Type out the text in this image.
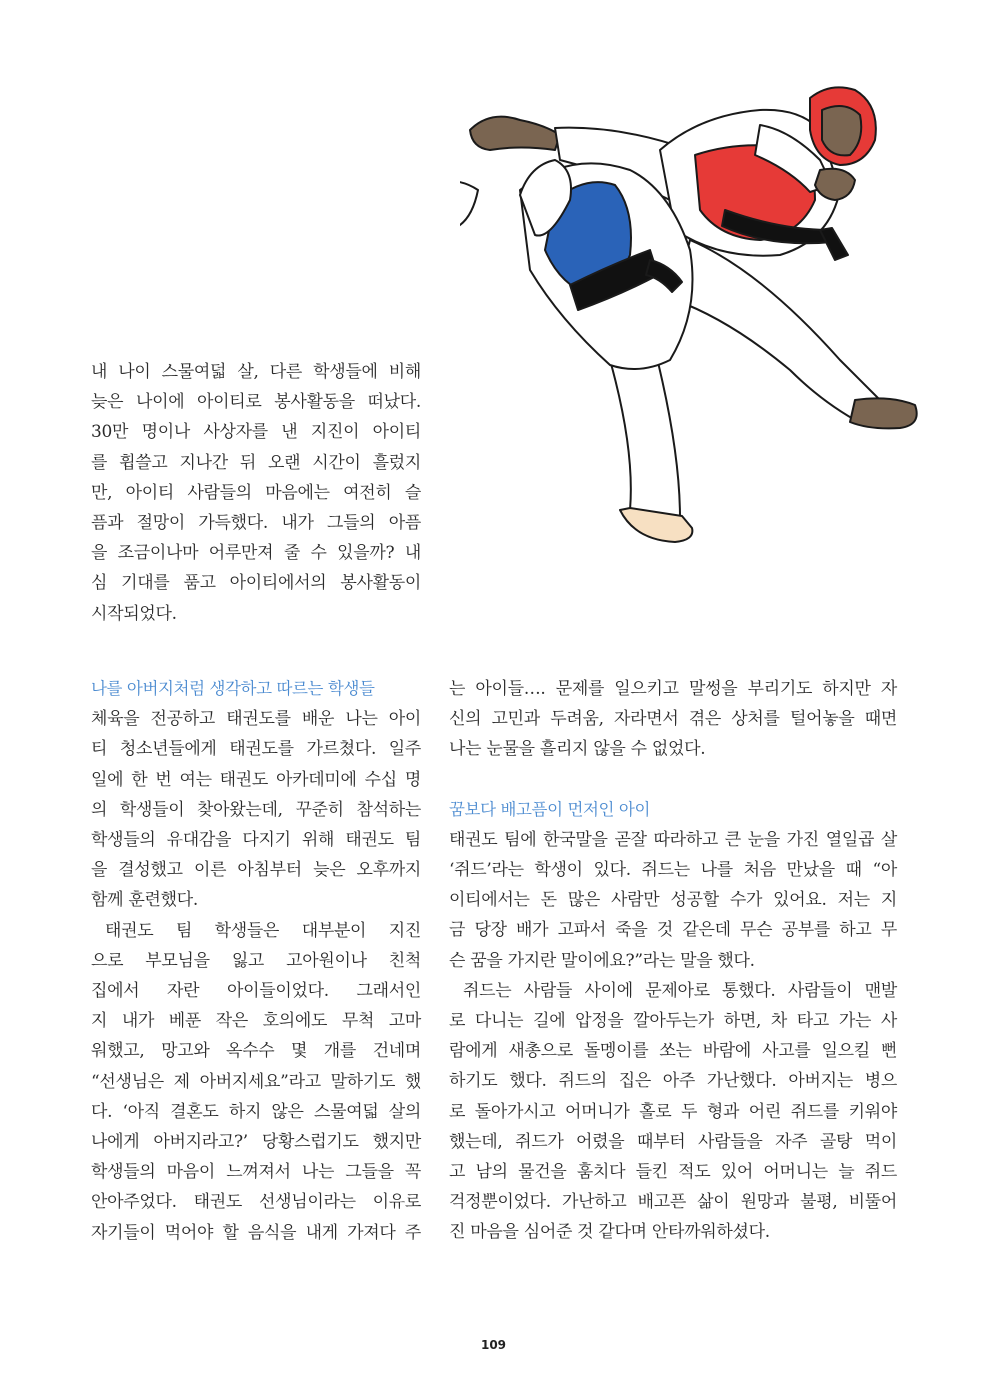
내 나이 스물여덟 살, 다른 학생들에 비해

늦은 나이에 아이티로 봉사활동을 떠났다.

30만 명이나 사상자를 낸 지진이 아이티

를 휩쓸고 지나간 뒤 오랜 시간이 흘렀지

만, 아이티 사람들의 마음에는 여전히 슬

픔과 절망이 가득했다. 내가 그들의 아픔

을 조금이나마 어루만져 줄 수 있을까? 내

심 기대를 품고 아이티에서의 봉사활동이

시작되었다.

나를 아버지처럼 생각하고 따르는 학생들

체육을 전공하고 태권도를 배운 나는 아이

티 청소년들에게 태권도를 가르쳤다. 일주

일에 한 번 여는 태권도 아카데미에 수십 명

의 학생들이 찾아왔는데, 꾸준히 참석하는

학생들의 유대감을 다지기 위해 태권도 팀

을 결성했고 이른 아침부터 늦은 오후까지

함께 훈련했다.

태권도 팀 학생들은 대부분이 지진

으로 부모님을 잃고 고아원이나 친척

집에서 자란 아이들이었다. 그래서인

지 내가 베푼 작은 호의에도 무척 고마

워했고, 망고와 옥수수 몇 개를 건네며

“선생님은 제 아버지세요”라고 말하기도 했

다. ‘아직 결혼도 하지 않은 스물여덟 살의

나에게 아버지라고?’ 당황스럽기도 했지만

학생들의 마음이 느껴져서 나는 그들을 꼭

안아주었다. 태권도 선생님이라는 이유로

자기들이 먹어야 할 음식을 내게 가져다 주

는 아이들…. 문제를 일으키고 말썽을 부리기도 하지만 자

신의 고민과 두려움, 자라면서 겪은 상처를 털어놓을 때면

나는 눈물을 흘리지 않을 수 없었다.

꿈보다 배고픔이 먼저인 아이

태권도 팀에 한국말을 곧잘 따라하고 큰 눈을 가진 열일곱 살

‘쥐드’라는 학생이 있다. 쥐드는 나를 처음 만났을 때 “아

이티에서는 돈 많은 사람만 성공할 수가 있어요. 저는 지

금 당장 배가 고파서 죽을 것 같은데 무슨 공부를 하고 무

슨 꿈을 가지란 말이에요?”라는 말을 했다.

쥐드는 사람들 사이에 문제아로 통했다. 사람들이 맨발

로 다니는 길에 압정을 깔아두는가 하면, 차 타고 가는 사

람에게 새총으로 돌멩이를 쏘는 바람에 사고를 일으킬 뻔

하기도 했다. 쥐드의 집은 아주 가난했다. 아버지는 병으

로 돌아가시고 어머니가 홀로 두 형과 어린 쥐드를 키워야

했는데, 쥐드가 어렸을 때부터 사람들을 자주 골탕 먹이

고 남의 물건을 훔치다 들킨 적도 있어 어머니는 늘 쥐드

걱정뿐이었다. 가난하고 배고픈 삶이 원망과 불평, 비뚤어

진 마음을 심어준 것 같다며 안타까워하셨다.

109
